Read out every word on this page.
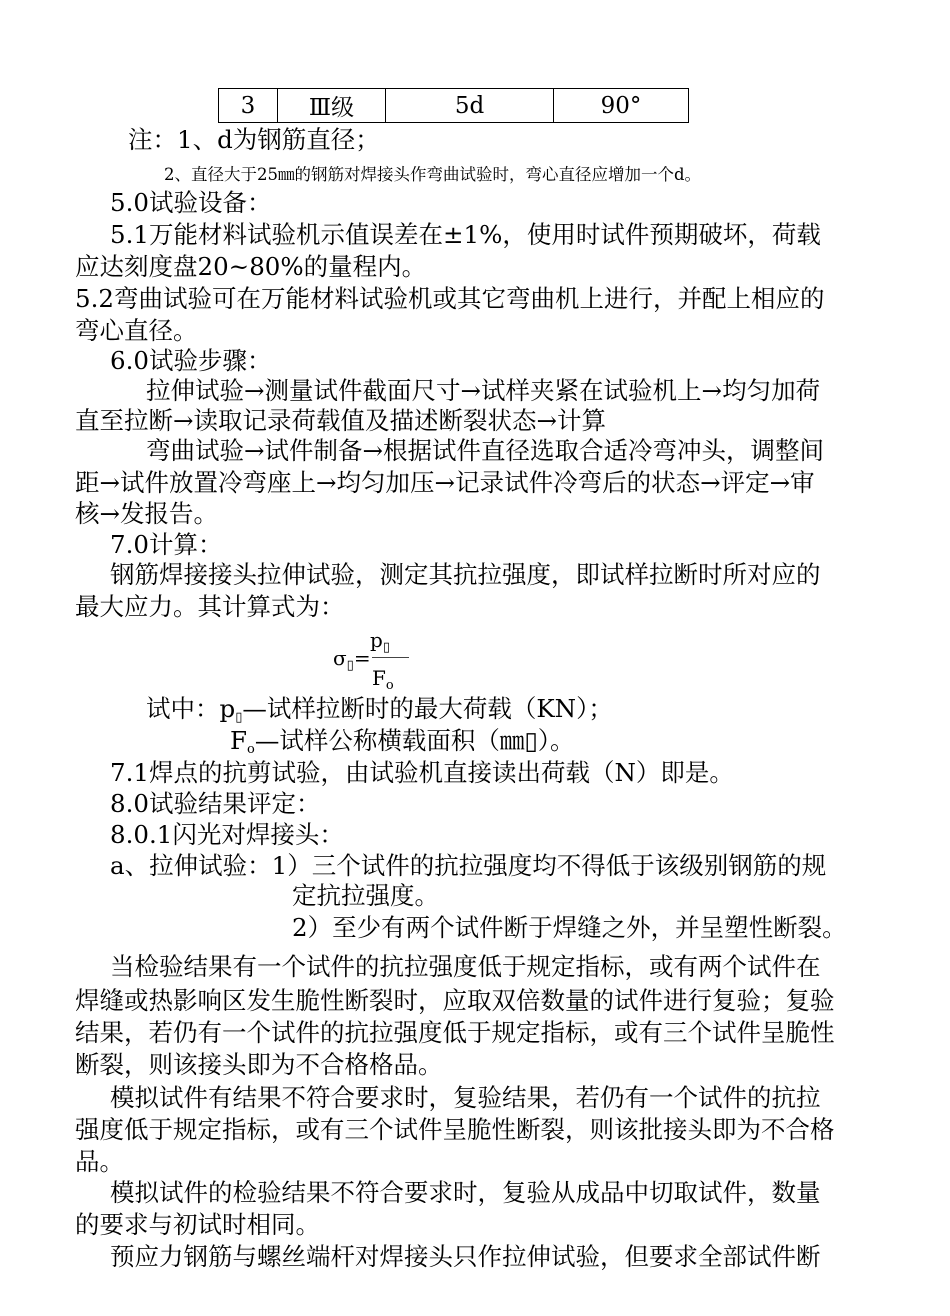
3	Ⅲ级	5d	90°
注：1、d为钢筋直径；
2、直径大于25㎜的钢筋对焊接头作弯曲试验时，弯心直径应增加一个d。
5.0试验设备：
5.1万能材料试验机示值误差在±1%，使用时试件预期破坏，荷载
应达刻度盘20~80%的量程内。
5.2弯曲试验可在万能材料试验机或其它弯曲机上进行，并配上相应的
弯心直径。
6.0试验步骤：
拉伸试验→测量试件截面尺寸→试样夹紧在试验机上→均匀加荷
直至拉断→读取记录荷载值及描述断裂状态→计算
弯曲试验→试件制备→根据试件直径选取合适冷弯冲头，调整间
距→试件放置冷弯座上→均匀加压→记录试件冷弯后的状态→评定→审
核→发报告。
7.0计算：
钢筋焊接接头拉伸试验，测定其抗拉强度，即试样拉断时所对应的
最大应力。其计算式为：
$p_▯$
$\sigma_▯=$
$F_o$
试中：$p_▯—$试样拉断时的最大荷载（KN）；
$F_o—$试样公称横载面积（㎜▯）。
7.1焊点的抗剪试验，由试验机直接读出荷载（N）即是。
8.0试验结果评定：
8.0.1闪光对焊接头：
a、拉伸试验：1）三个试件的抗拉强度均不得低于该级别钢筋的规
定抗拉强度。
2）至少有两个试件断于焊缝之外，并呈塑性断裂。
当检验结果有一个试件的抗拉强度低于规定指标，或有两个试件在
焊缝或热影响区发生脆性断裂时，应取双倍数量的试件进行复验；复验
结果，若仍有一个试件的抗拉强度低于规定指标，或有三个试件呈脆性
断裂，则该接头即为不合格格品。
模拟试件有结果不符合要求时，复验结果，若仍有一个试件的抗拉
强度低于规定指标，或有三个试件呈脆性断裂，则该批接头即为不合格
品。
模拟试件的检验结果不符合要求时，复验从成品中切取试件，数量
的要求与初试时相同。
预应力钢筋与螺丝端杆对焊接头只作拉伸试验，但要求全部试件断
